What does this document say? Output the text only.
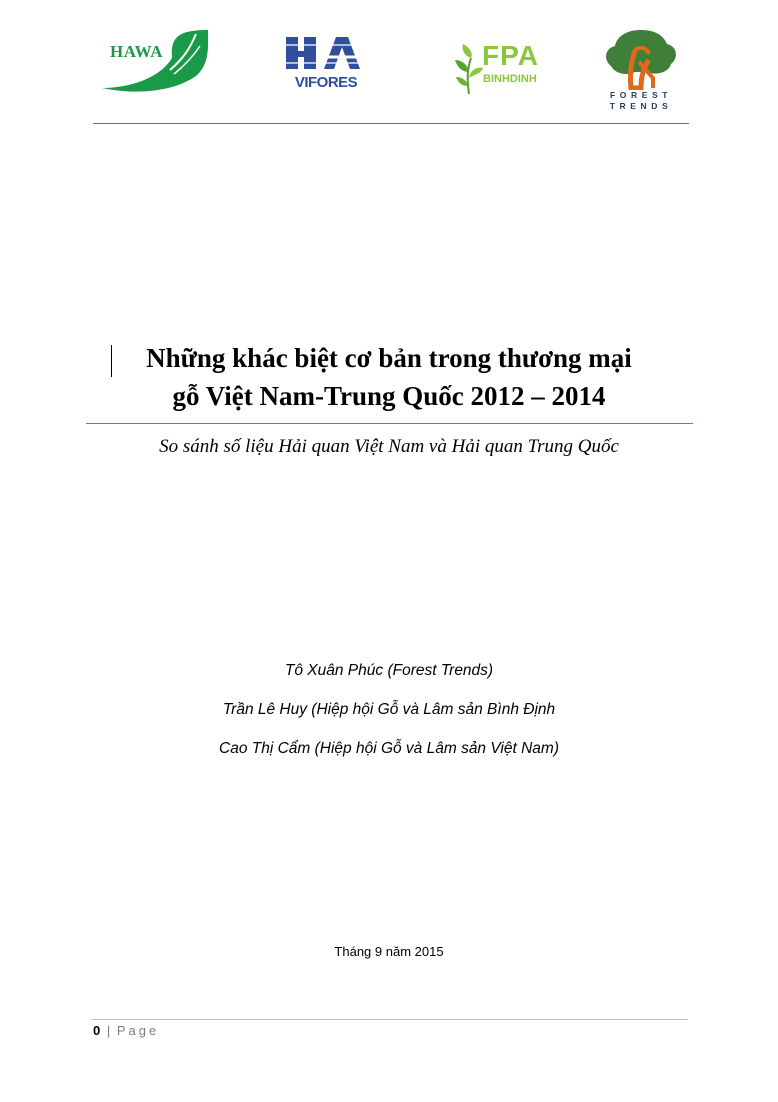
HAWA
VIFORES
FPA
BINHDINH
FOREST
TRENDS
Những khác biệt cơ bản trong thương mại
gỗ Việt Nam-Trung Quốc 2012 – 2014

So sánh số liệu Hải quan Việt Nam và Hải quan Trung Quốc

Tô Xuân Phúc (Forest Trends)
Trần Lê Huy (Hiệp hội Gỗ và Lâm sản Bình Định
Cao Thị Cẩm (Hiệp hội Gỗ và Lâm sản Việt Nam)
Tháng 9 năm 2015
0 | Page
